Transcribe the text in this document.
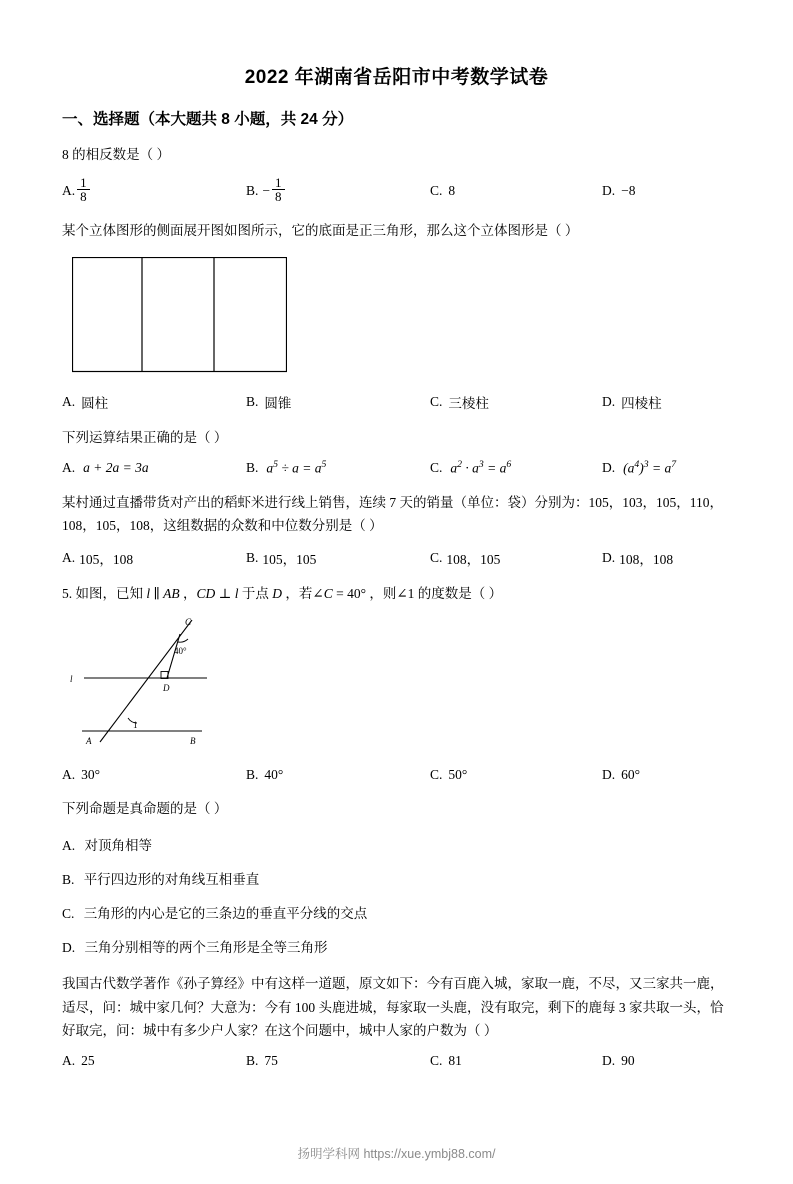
2022 年湖南省岳阳市中考数学试卷
一、选择题（本大题共 8 小题，共 24 分）
8 的相反数是（ ）
A. $\frac{1}{8}$	B. − $\frac{1}{8}$	C. 8	D. −8
某个立体图形的侧面展开图如图所示，它的底面是正三角形，那么这个立体图形是（ ）
A. 圆柱	B. 圆锥	C. 三棱柱	D. 四棱柱
下列运算结果正确的是（ ）
A. a + 2a = 3a	B. $a^5 \div a = a^5$	C. $a^2 \cdot a^3 = a^6$	D. $(a^4)^3 = a^7$
某村通过直播带货对产出的稻虾米进行线上销售，连续 7 天的销量（单位：袋）分别为：105，103，105，110，108，105，108，这组数据的众数和中位数分别是（ ）
A. 105，108	B. 105，105	C. 108，105	D. 108，108
5. 如图，已知 l ∥ AB ，CD ⊥ l 于点 D ，若∠C = 40° ，则∠1 的度数是（ ）
C
40°
D
l
1
A	B
A. 30°	B. 40°	C. 50°	D. 60°
下列命题是真命题的是（ ）
A. 对顶角相等
B. 平行四边形的对角线互相垂直
C. 三角形的内心是它的三条边的垂直平分线的交点
D. 三角分别相等的两个三角形是全等三角形
我国古代数学著作《孙子算经》中有这样一道题，原文如下：今有百鹿入城，家取一鹿，不尽，又三家共一鹿，适尽，问：城中家几何？大意为：今有 100 头鹿进城，每家取一头鹿，没有取完，剩下的鹿每 3 家共取一头，恰好取完，问：城中有多少户人家？在这个问题中，城中人家的户数为（ ）
A. 25	B. 75	C. 81	D. 90
扬明学科网 https://xue.ymbj88.com/
